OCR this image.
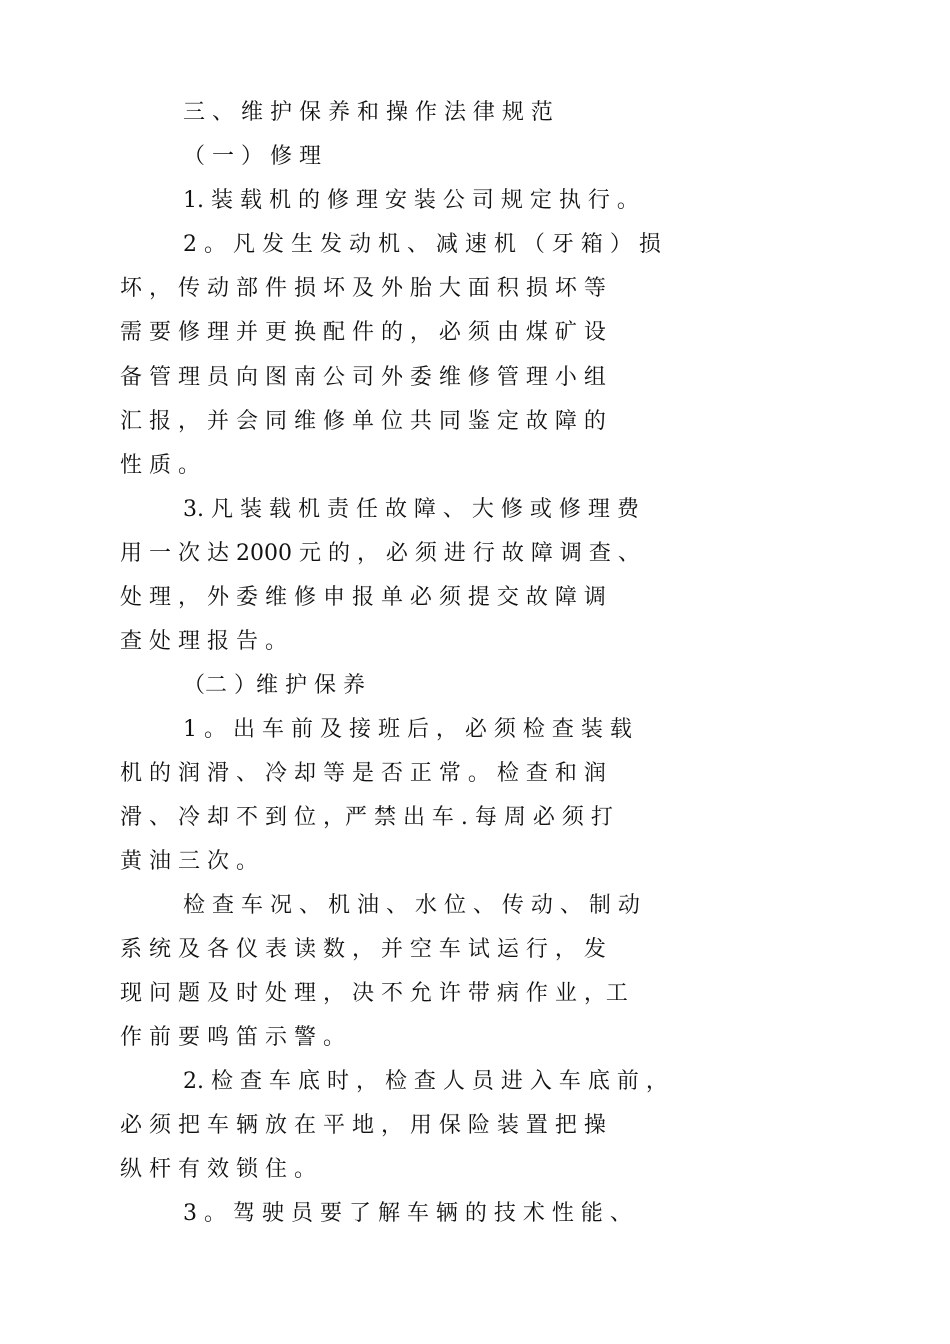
三 、 维 护 保 养 和 操 作 法 律 规 范
（ 一 ） 修 理
1. 装 载 机 的 修 理 安 装 公 司 规 定 执 行 。
2 。 凡 发 生 发 动 机 、 减 速 机 （ 牙 箱 ） 损
坏 ， 传 动 部 件 损 坏 及 外 胎 大 面 积 损 坏 等
需 要 修 理 并 更 换 配 件 的 ， 必 须 由 煤 矿 设
备 管 理 员 向 图 南 公 司 外 委 维 修 管 理 小 组
汇 报 ， 并 会 同 维 修 单 位 共 同 鉴 定 故 障 的
性 质 。
3. 凡 装 载 机 责 任 故 障 、 大 修 或 修 理 费
用 一 次 达 2000 元 的 ， 必 须 进 行 故 障 调 查 、
处 理 ， 外 委 维 修 申 报 单 必 须 提 交 故 障 调
查 处 理 报 告 。
（二 ）维 护 保 养
1 。 出 车 前 及 接 班 后 ， 必 须 检 查 装 载
机 的 润 滑 、 冷 却 等 是 否 正 常 。 检 查 和 润
滑 、 冷 却 不 到 位 ，严 禁 出 车 . 每 周 必 须 打
黄 油 三 次 。
检 查 车 况 、 机 油 、 水 位 、 传 动 、 制 动
系 统 及 各 仪 表 读 数 ， 并 空 车 试 运 行 ， 发
现 问 题 及 时 处 理 ， 决 不 允 许 带 病 作 业 ，工
作 前 要 鸣 笛 示 警 。
2. 检 查 车 底 时 ， 检 查 人 员 进 入 车 底 前 ，
必 须 把 车 辆 放 在 平 地 ， 用 保 险 装 置 把 操
纵 杆 有 效 锁 住 。
3 。 驾 驶 员 要 了 解 车 辆 的 技 术 性 能 、
